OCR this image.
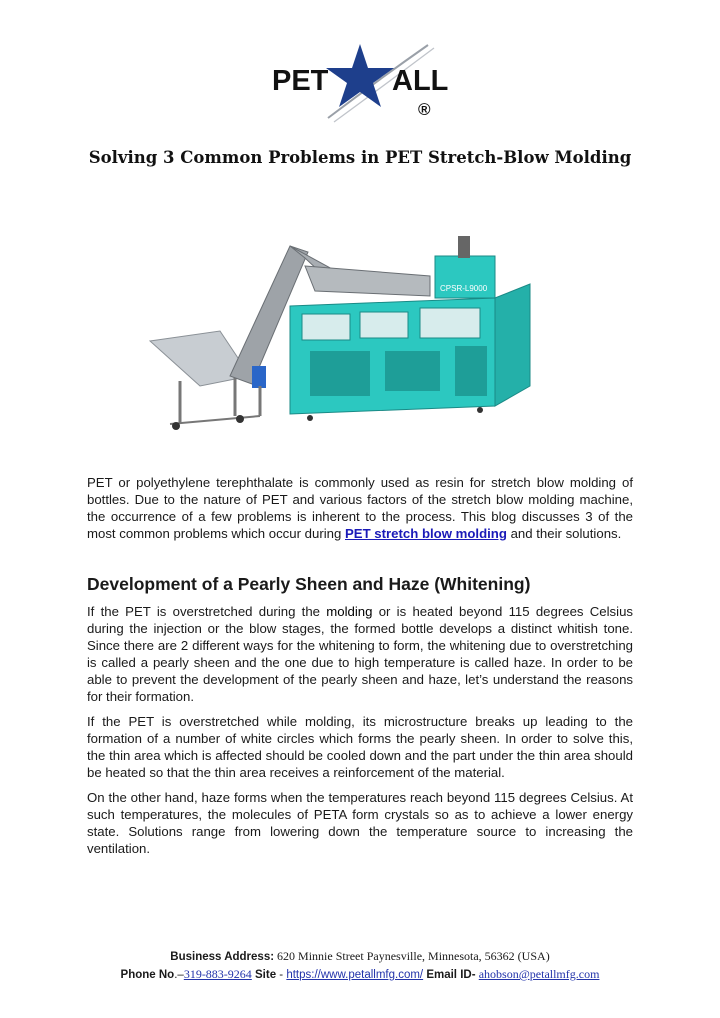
PET ALL
®
Solving 3 Common Problems in PET Stretch-Blow Molding
CPSR-L9000

PET or polyethylene terephthalate is commonly used as resin for stretch blow molding of bottles. Due to the nature of PET and various factors of the stretch blow molding machine, the occurrence of a few problems is inherent to the process. This blog discusses 3 of the most common problems which occur during PET stretch blow molding and their solutions.

Development of a Pearly Sheen and Haze (Whitening)

If the PET is overstretched during the molding or is heated beyond 115 degrees Celsius during the injection or the blow stages, the formed bottle develops a distinct whitish tone. Since there are 2 different ways for the whitening to form, the whitening due to overstretching is called a pearly sheen and the one due to high temperature is called haze. In order to be able to prevent the development of the pearly sheen and haze, let’s understand the reasons for their formation.

If the PET is overstretched while molding, its microstructure breaks up leading to the formation of a number of white circles which forms the pearly sheen. In order to solve this, the thin area which is affected should be cooled down and the part under the thin area should be heated so that the thin area receives a reinforcement of the material.

On the other hand, haze forms when the temperatures reach beyond 115 degrees Celsius. At such temperatures, the molecules of PETA form crystals so as to achieve a lower energy state. Solutions range from lowering down the temperature source to increasing the ventilation.

Business Address: 620 Minnie Street Paynesville, Minnesota, 56362 (USA)
Phone No.–319-883-9264 Site - https://www.petallmfg.com/ Email ID- ahobson@petallmfg.com
